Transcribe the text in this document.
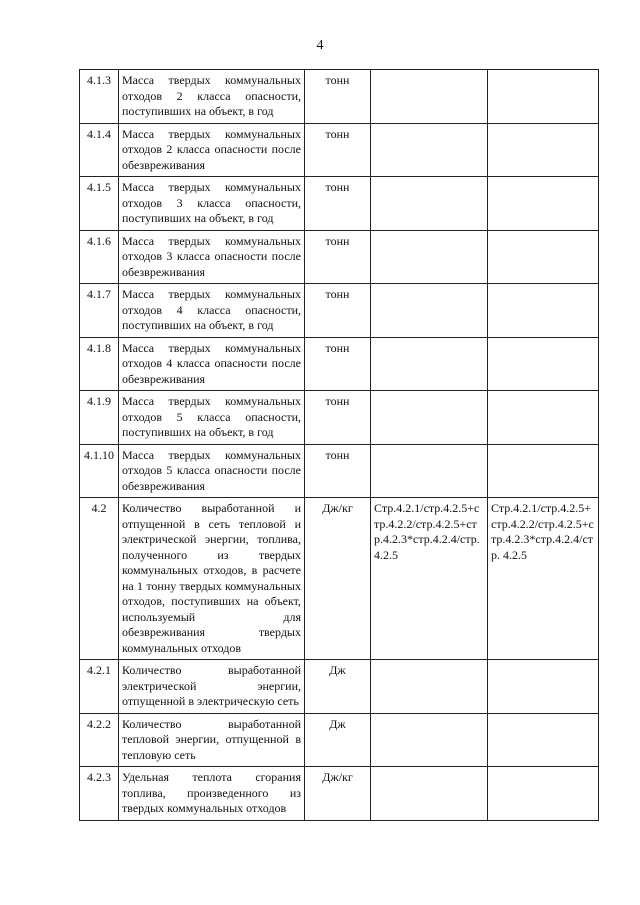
4
4.1.3	Масса твердых коммунальных отходов 2 класса опасности, поступивших на объект, в год	тонн		
4.1.4	Масса твердых коммунальных отходов 2 класса опасности после обезвреживания	тонн		
4.1.5	Масса твердых коммунальных отходов 3 класса опасности, поступивших на объект, в год	тонн		
4.1.6	Масса твердых коммунальных отходов 3 класса опасности после обезвреживания	тонн		
4.1.7	Масса твердых коммунальных отходов 4 класса опасности, поступивших на объект, в год	тонн		
4.1.8	Масса твердых коммунальных отходов 4 класса опасности после обезвреживания	тонн		
4.1.9	Масса твердых коммунальных отходов 5 класса опасности, поступивших на объект, в год	тонн		
4.1.10	Масса твердых коммунальных отходов 5 класса опасности после обезвреживания	тонн		
4.2	Количество выработанной и отпущенной в сеть тепловой и электрической энергии, топлива, полученного из твердых коммунальных отходов, в расчете на 1 тонну твердых коммунальных отходов, поступивших на объект, используемый для обезвреживания твердых коммунальных отходов	Дж/кг	Стр.4.2.1/стр.4.2.5+стр.4.2.2/стр.4.2.5+стр.4.2.3*стр.4.2.4/стр. 4.2.5	Стр.4.2.1/стр.4.2.5+стр.4.2.2/стр.4.2.5+стр.4.2.3*стр.4.2.4/стр. 4.2.5
4.2.1	Количество выработанной электрической энергии, отпущенной в электрическую сеть	Дж		
4.2.2	Количество выработанной тепловой энергии, отпущенной в тепловую сеть	Дж		
4.2.3	Удельная теплота сгорания топлива, произведенного из твердых коммунальных отходов	Дж/кг		
